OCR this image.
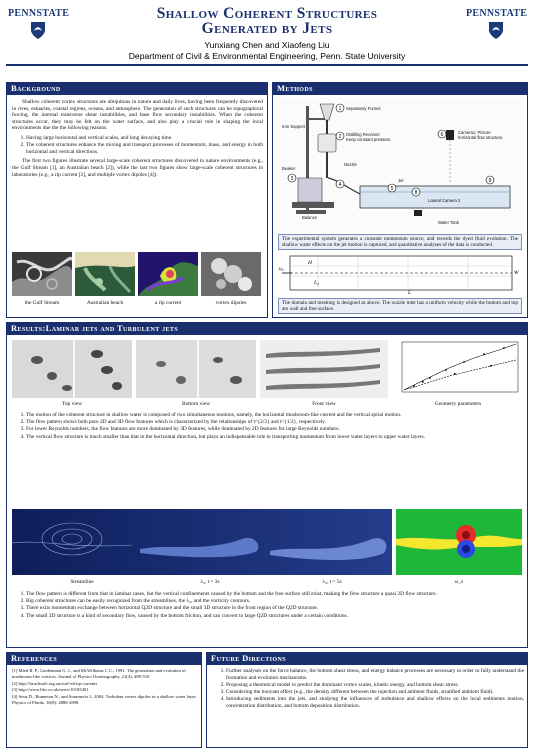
PENNSTATE	PENNSTATE
Shallow Coherent Structures
Generated by Jets
Yunxiang Chen and Xiaofeng Liu
Department of Civil & Environmental Engineering, Penn. State University
Background

Shallow coherent vortex structures are ubiquitous in nature and daily lives, having been frequently discovered in rives, estuaries, coastal regions, oceans, and atmosphere. The generation of such structures can be topographical forcing, the internal transverse shear instabilities, and base flow secondary instabilities. When the coherent structures occur, they may be felt on the water surface, and also play a crucial role in shaping the local environments due the the following reasons.

1. Having large horizontal and vertical scales, and long decaying time.
2. The coherent structures enhance the mixing and transport processes of momentum, mass, and energy in both horizontal and vertical directions.

The first two figures illustrate several large-scale coherent structures discovered in nature environments (e.g., the Gulf Stream [1], an Australian beach [2]), while the last two figures show large-scale coherent structures in laboratories (e.g., a rip current [3], and multiple vortex dipoles [4]).

the Gulf Stream	Australian beach	a rip current	vortex dipoles
Methods
1
2
3
4
5
6
9
8
Separatory Funnel
Iron Support
Distilling Receiver:
Keep constant pressure.
Camera1: Picture
horizontal flow structure.
Beaker
Nozzle
Jet
Balance
Lateral Camera 2
Water Tank
The experimental system generates a constant momentum source, and records the dyed fluid evolution. The shallow water effects on the jet motion is captured, and quantitative analyses of the data is conducted.
u₀
L
L₀
W
H
The domain and meshing is designed as above. The nozzle inlet has a uniform velocity while the bottom and top are wall and free surface.
Results:Laminar jets and Turbulent jets
Top view	Bottom view	Front view	Geometry parameters
1. The motion of the coherent structure in shallow water is composed of two simultaneous motions, namely, the horizontal mushroom-like current and the vertical spiral motion.
2. The flow pattern shows both pure 2D and 3D flow features which is characterized by the relationships of t^{2/3} and t^{1/2}, respectively.
3. For lower Reynolds numbers, the flow features are more dominated by 3D features, while dominated by 2D features for large Reynolds numbers.
4. The vertical flow structure is much smaller than that in the horizontal direction, but plays an indispensable role in transporting momentum from lower water layers to upper water layers.
Streamline	λ₂, t = 3s	λ₂, t = 5s	ω_z
1. The flow pattern is different from that in laminar cases, but the vertical confinements caused by the bottom and the free surface still exist, making the flow structure a quasi 2D flow structure.
2. Big coherent structures can be easily recognized from the streamlines, the λ₂, and the vorticity contours.
3. There exits momentum exchange between horizontal Q2D structure and the small 3D structure in the front region of the Q2D structure.
4. The small 3D structure is a kind of secondary flow, caused by the bottom friction, and can convert to large Q2D structures under a certain conditions.
References
[1] Mied R. P., Lindemann G. J., and McWilliams J. C., 1991. The generation and evolution of mushroom-like vortices. Journal of Physics Oceanography, 21(4): 489-510
[2] http://beachsafe.org.au/surf-ed/rip-currents
[3] http://www.bbc.co.uk/news/10105401
[4] Sous D., Bonneton N., and Sommeria J., 2004. Turbulent vortex dipoles in a shallow water layer. Physics of Fluids, 16(8): 2886-2898.
Future Directions
1. Further analyses on the force balance, the bottom shear stress, and energy balance processes are necessary in order to fully understand the formation and evolution mechanisms.
2. Proposing a theoretical model to predict the dominant vortex scales, kinetic energy, and bottom shear stress.
3. Considering the buoyant effect (e.g., the density different between the injection and ambient fluids, stratified ambient fluid).
4. Introducing sediments into the jets, and studying the influences of turbulence and shallow effects on the local sediments motion, concentration distribution, and bottom deposition distribution.
